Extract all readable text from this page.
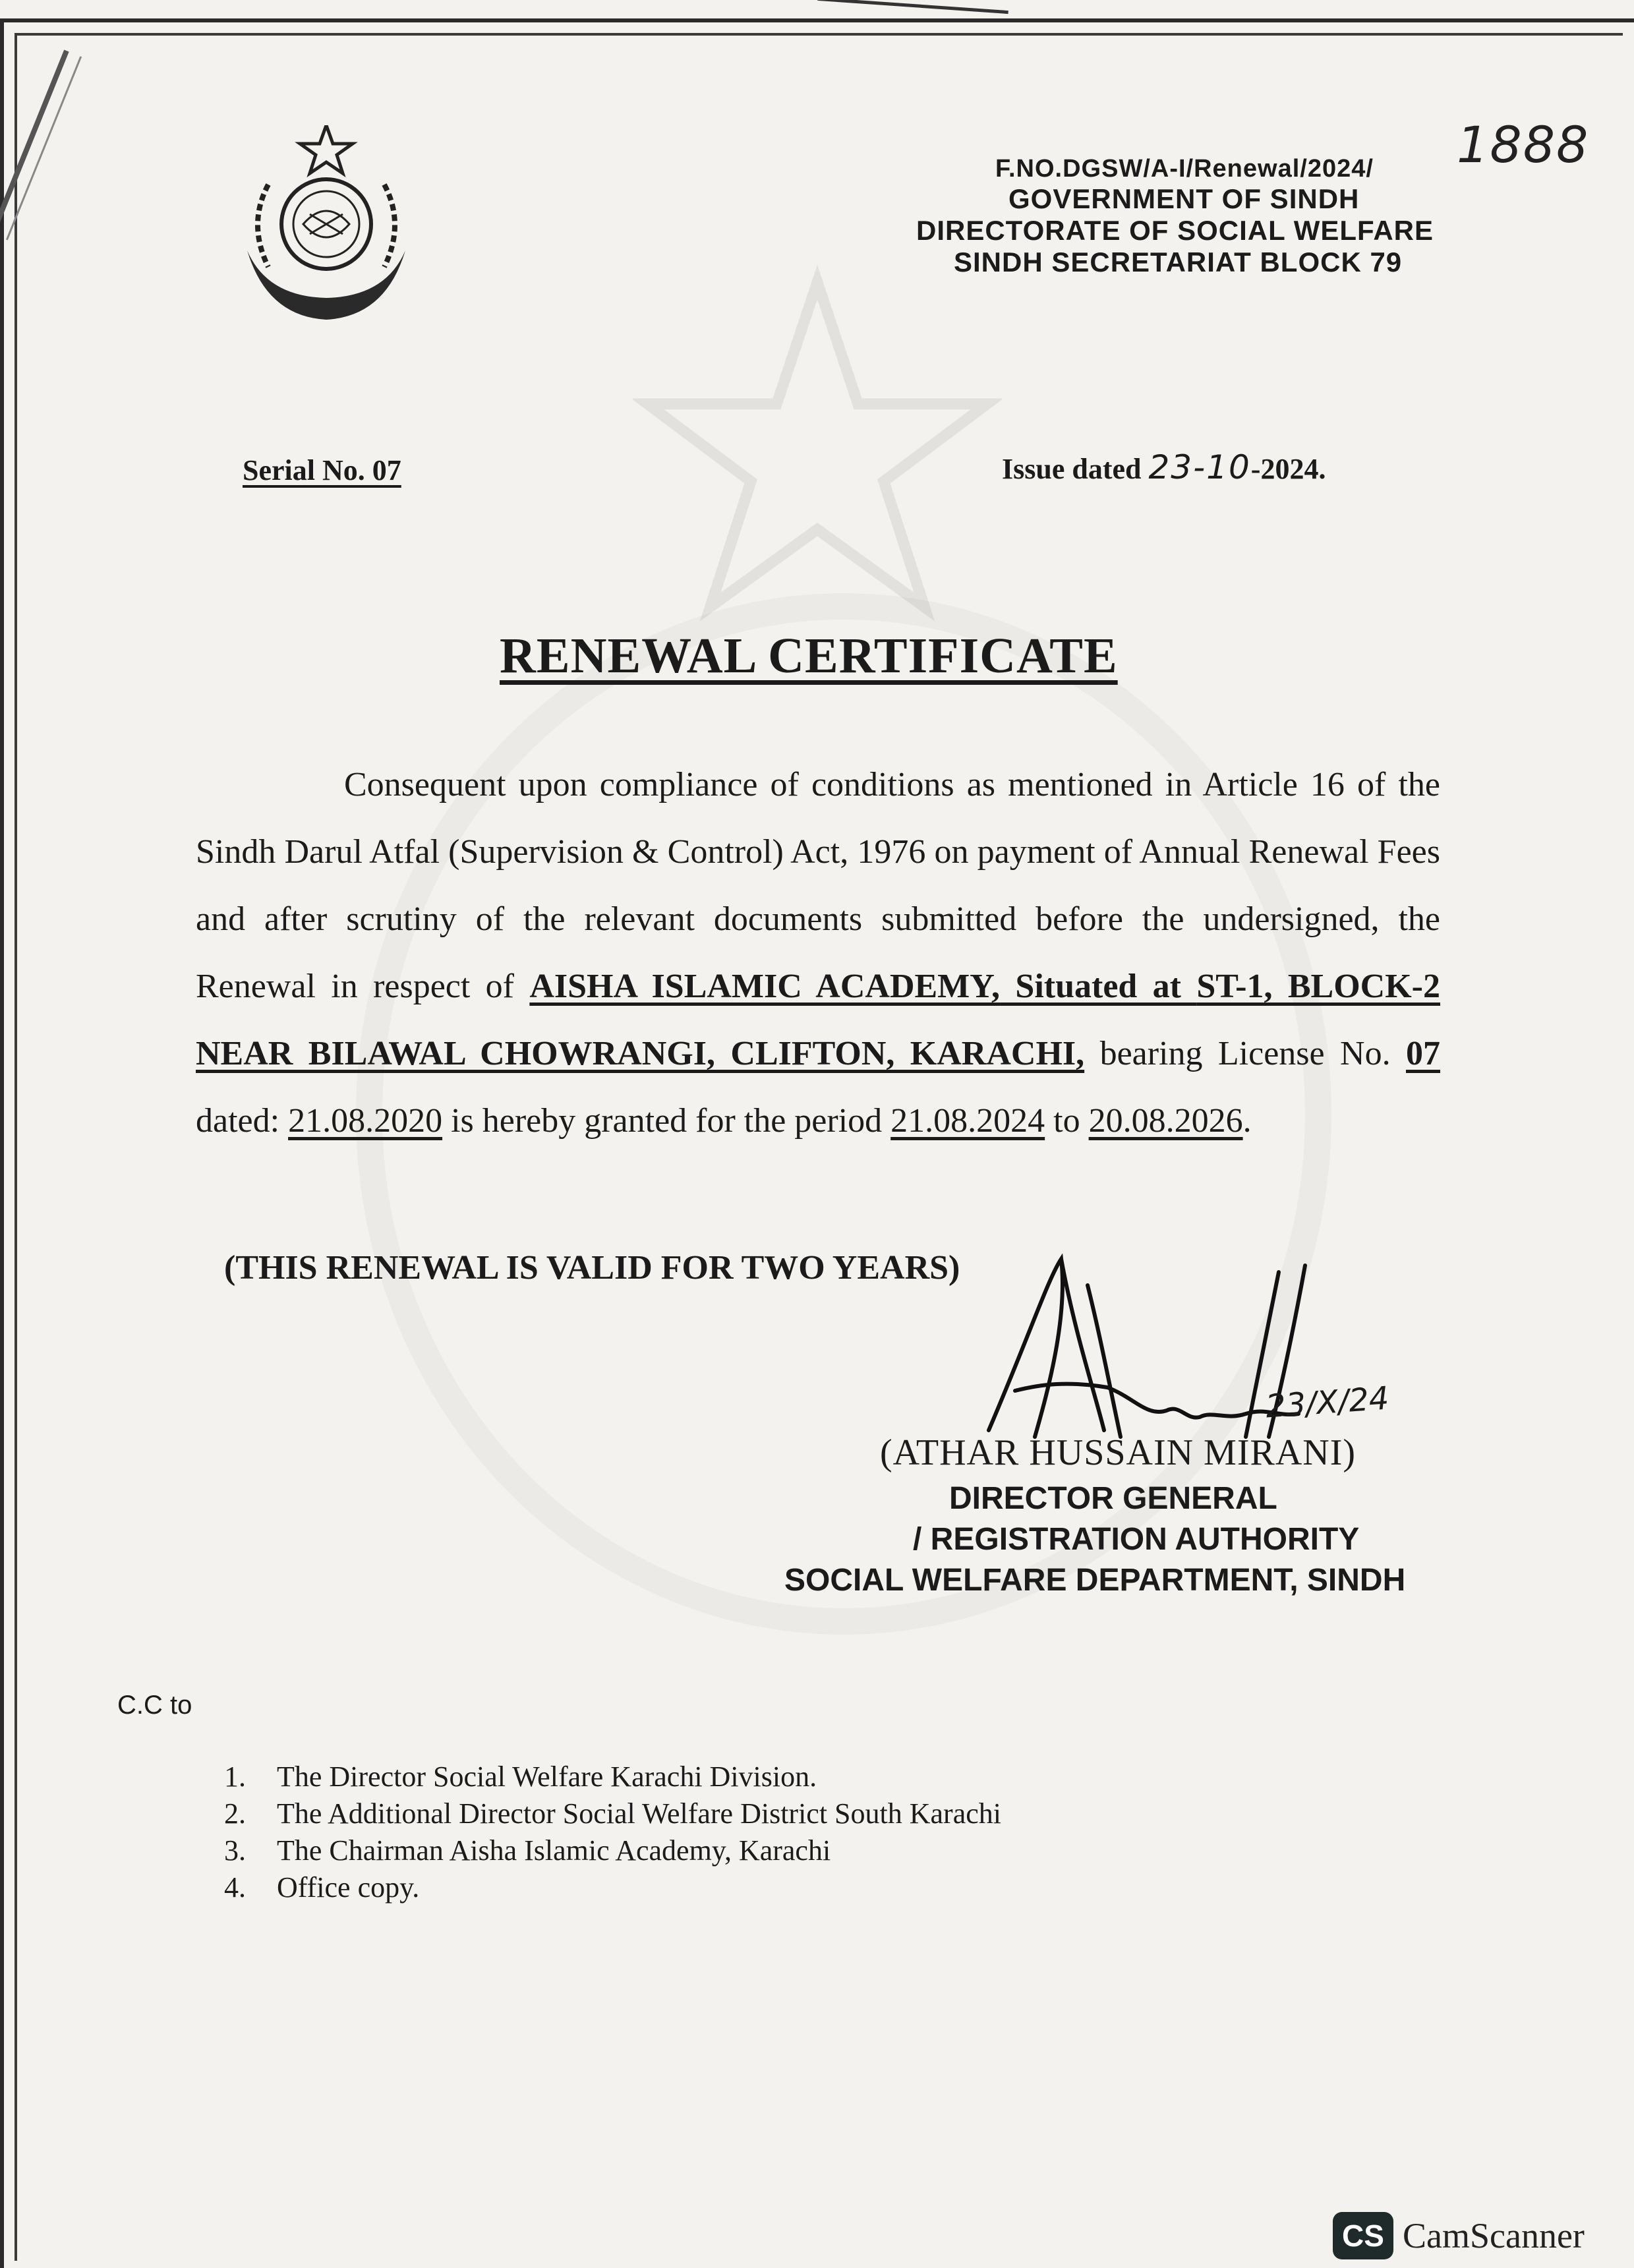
F.NO.DGSW/A-I/Renewal/2024/ 1888
GOVERNMENT OF SINDH
DIRECTORATE OF SOCIAL WELFARE
SINDH SECRETARIAT BLOCK 79
Serial No. 07	Issue dated 23-10-2024.
RENEWAL CERTIFICATE

Consequent upon compliance of conditions as mentioned in Article 16 of the Sindh Darul Atfal (Supervision & Control) Act, 1976 on payment of Annual Renewal Fees and after scrutiny of the relevant documents submitted before the undersigned, the Renewal in respect of AISHA ISLAMIC ACADEMY, Situated at ST-1, BLOCK-2 NEAR BILAWAL CHOWRANGI, CLIFTON, KARACHI, bearing License No. 07 dated: 21.08.2020 is hereby granted for the period 21.08.2024 to 20.08.2026.

(THIS RENEWAL IS VALID FOR TWO YEARS)
23/X/24
(ATHAR HUSSAIN MIRANI)
DIRECTOR GENERAL
/ REGISTRATION AUTHORITY
SOCIAL WELFARE DEPARTMENT, SINDH
C.C to
1. The Director Social Welfare Karachi Division.
2. The Additional Director Social Welfare District South Karachi
3. The Chairman Aisha Islamic Academy, Karachi
4. Office copy.
CS CamScanner
